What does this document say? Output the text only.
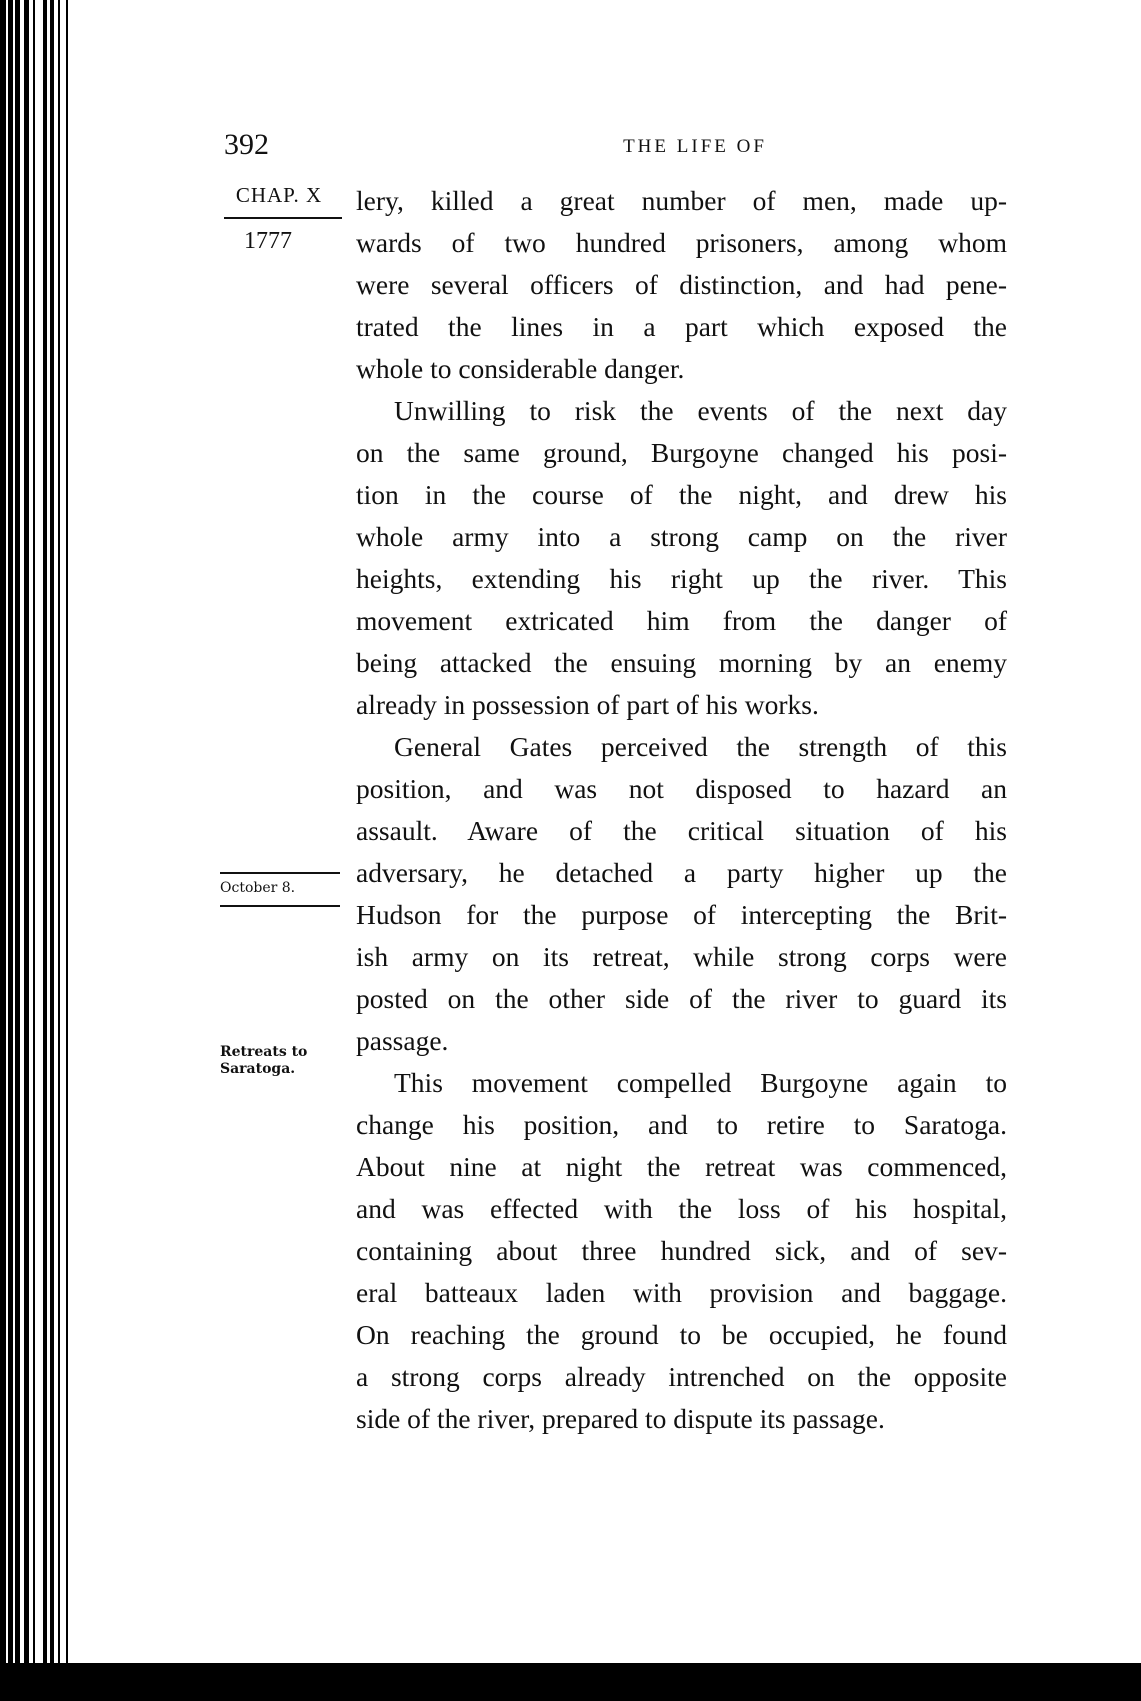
392	THE LIFE OF
CHAP. X
1777
October 8.
Retreats to
Saratoga.
lery, killed a great number of men, made up-
wards of two hundred prisoners, among whom
were several officers of distinction, and had pene-
trated the lines in a part which exposed the
whole to considerable danger.
Unwilling to risk the events of the next day
on the same ground, Burgoyne changed his posi-
tion in the course of the night, and drew his
whole army into a strong camp on the river
heights, extending his right up the river. This
movement extricated him from the danger of
being attacked the ensuing morning by an enemy
already in possession of part of his works.
General Gates perceived the strength of this
position, and was not disposed to hazard an
assault. Aware of the critical situation of his
adversary, he detached a party higher up the
Hudson for the purpose of intercepting the Brit-
ish army on its retreat, while strong corps were
posted on the other side of the river to guard its
passage.
This movement compelled Burgoyne again to
change his position, and to retire to Saratoga.
About nine at night the retreat was commenced,
and was effected with the loss of his hospital,
containing about three hundred sick, and of sev-
eral batteaux laden with provision and baggage.
On reaching the ground to be occupied, he found
a strong corps already intrenched on the opposite
side of the river, prepared to dispute its passage.
